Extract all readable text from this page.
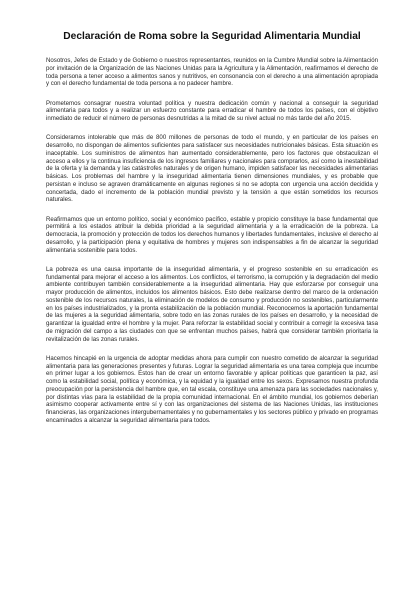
Declaración de Roma sobre la Seguridad Alimentaria Mundial

Nosotros, Jefes de Estado y de Gobierno o nuestros representantes, reunidos en la Cumbre Mundial sobre la Alimentación por invitación de la Organización de las Naciones Unidas para la Agricultura y la Alimentación, reafirmamos el derecho de toda persona a tener acceso a alimentos sanos y nutritivos, en consonancia con el derecho a una alimentación apropiada y con el derecho fundamental de toda persona a no padecer hambre.

Prometemos consagrar nuestra voluntad política y nuestra dedicación común y nacional a conseguir la seguridad alimentaria para todos y a realizar un esfuerzo constante para erradicar el hambre de todos los países, con el objetivo inmediato de reducir el número de personas desnutridas a la mitad de su nivel actual no más tarde del año 2015.

Consideramos intolerable que más de 800 millones de personas de todo el mundo, y en particular de los países en desarrollo, no dispongan de alimentos suficientes para satisfacer sus necesidades nutricionales básicas. Esta situación es inaceptable. Los suministros de alimentos han aumentado considerablemente, pero los factores que obstaculizan el acceso a ellos y la continua insuficiencia de los ingresos familiares y nacionales para comprarlos, así como la inestabilidad de la oferta y la demanda y las catástrofes naturales y de origen humano, impiden satisfacer las necesidades alimentarias básicas. Los problemas del hambre y la inseguridad alimentaria tienen dimensiones mundiales, y es probable que persistan e incluso se agraven dramáticamente en algunas regiones si no se adopta con urgencia una acción decidida y concertada, dado el incremento de la población mundial previsto y la tensión a que están sometidos los recursos naturales.

Reafirmamos que un entorno político, social y económico pacífico, estable y propicio constituye la base fundamental que permitirá a los estados atribuir la debida prioridad a la seguridad alimentaria y a la erradicación de la pobreza. La democracia, la promoción y protección de todos los derechos humanos y libertades fundamentales, inclusive el derecho al desarrollo, y la participación plena y equitativa de hombres y mujeres son indispensables a fin de alcanzar la seguridad alimentaria sostenible para todos.

La pobreza es una causa importante de la inseguridad alimentaria, y el progreso sostenible en su erradicación es fundamental para mejorar el acceso a los alimentos. Los conflictos, el terrorismo, la corrupción y la degradación del medio ambiente contribuyen también considerablemente a la inseguridad alimentaria. Hay que esforzarse por conseguir una mayor producción de alimentos, incluidos los alimentos básicos. Esto debe realizarse dentro del marco de la ordenación sostenible de los recursos naturales, la eliminación de modelos de consumo y producción no sostenibles, particularmente en los países industrializados, y la pronta estabilización de la población mundial. Reconocemos la aportación fundamental de las mujeres a la seguridad alimentaria, sobre todo en las zonas rurales de los países en desarrollo, y la necesidad de garantizar la igualdad entre el hombre y la mujer. Para reforzar la estabilidad social y contribuir a corregir la excesiva tasa de migración del campo a las ciudades con que se enfrentan muchos países, habrá que considerar también prioritaria la revitalización de las zonas rurales.

Hacemos hincapié en la urgencia de adoptar medidas ahora para cumplir con nuestro cometido de alcanzar la seguridad alimentaria para las generaciones presentes y futuras. Lograr la seguridad alimentaria es una tarea compleja que incumbe en primer lugar a los gobiernos. Estos han de crear un entorno favorable y aplicar políticas que garanticen la paz, así como la estabilidad social, política y económica, y la equidad y la igualdad entre los sexos. Expresamos nuestra profunda preocupación por la persistencia del hambre que, en tal escala, constituye una amenaza para las sociedades nacionales y, por distintas vías para la estabilidad de la propia comunidad internacional. En el ámbito mundial, los gobiernos deberían asimismo cooperar activamente entre sí y con las organizaciones del sistema de las Naciones Unidas, las instituciones financieras, las organizaciones intergubernamentales y no gubernamentales y los sectores público y privado en programas encaminados a alcanzar la seguridad alimentaria para todos.
